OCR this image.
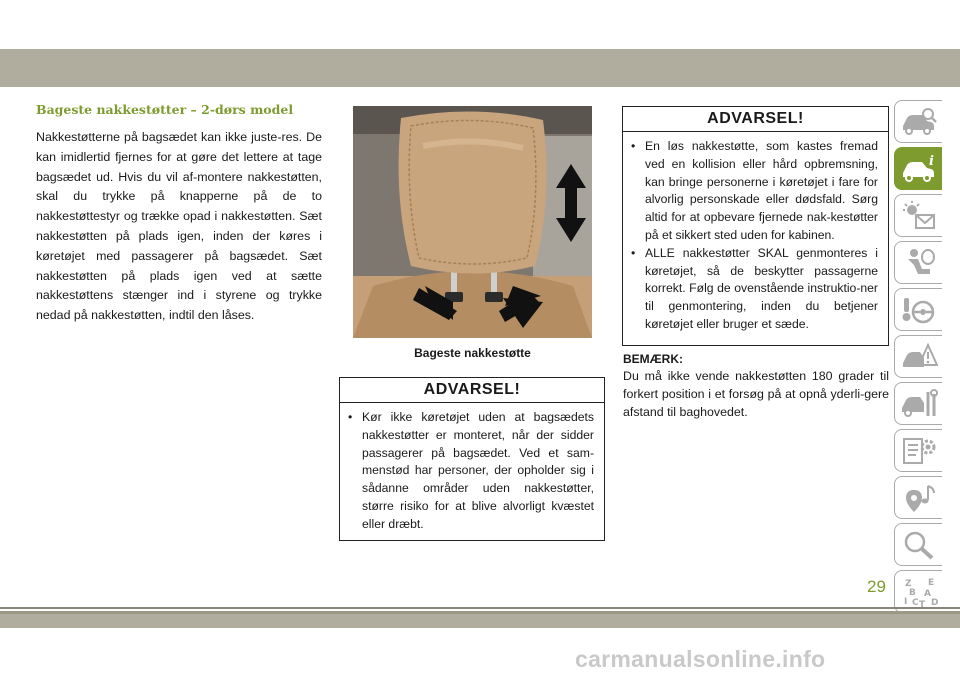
Bageste nakkestøtter – 2-dørs model

Nakkestøtterne på bagsædet kan ikke juste-res. De kan imidlertid fjernes for at gøre det lettere at tage bagsædet ud. Hvis du vil af-montere nakkestøtten, skal du trykke på knapperne på de to nakkestøttestyr og trække opad i nakkestøtten. Sæt nakkestøtten på plads igen, inden der køres i køretøjet med passagerer på bagsædet. Sæt nakkestøtten på plads igen ved at sætte nakkestøttens stænger ind i styrene og trykke nedad på nakkestøtten, indtil den låses.

Bageste nakkestøtte
ADVARSEL!
• Kør ikke køretøjet uden at bagsædets nakkestøtter er monteret, når der sidder passagerer på bagsædet. Ved et sam-menstød har personer, der opholder sig i sådanne områder uden nakkestøtter, større risiko for at blive alvorligt kvæstet eller dræbt.
ADVARSEL!
• En løs nakkestøtte, som kastes fremad ved en kollision eller hård opbremsning, kan bringe personerne i køretøjet i fare for alvorlig personskade eller dødsfald. Sørg altid for at opbevare fjernede nak-kestøtter på et sikkert sted uden for kabinen.
• ALLE nakkestøtter SKAL genmonteres i køretøjet, så de beskytter passagerne korrekt. Følg de ovenstående instruktio-ner til genmontering, inden du betjener køretøjet eller bruger et sæde.
BEMÆRK:
Du må ikke vende nakkestøtten 180 grader til forkert position i et forsøg på at opnå yderli-gere afstand til baghovedet.
i
Z E
B A
I C D
T
29
carmanualsonline.info
